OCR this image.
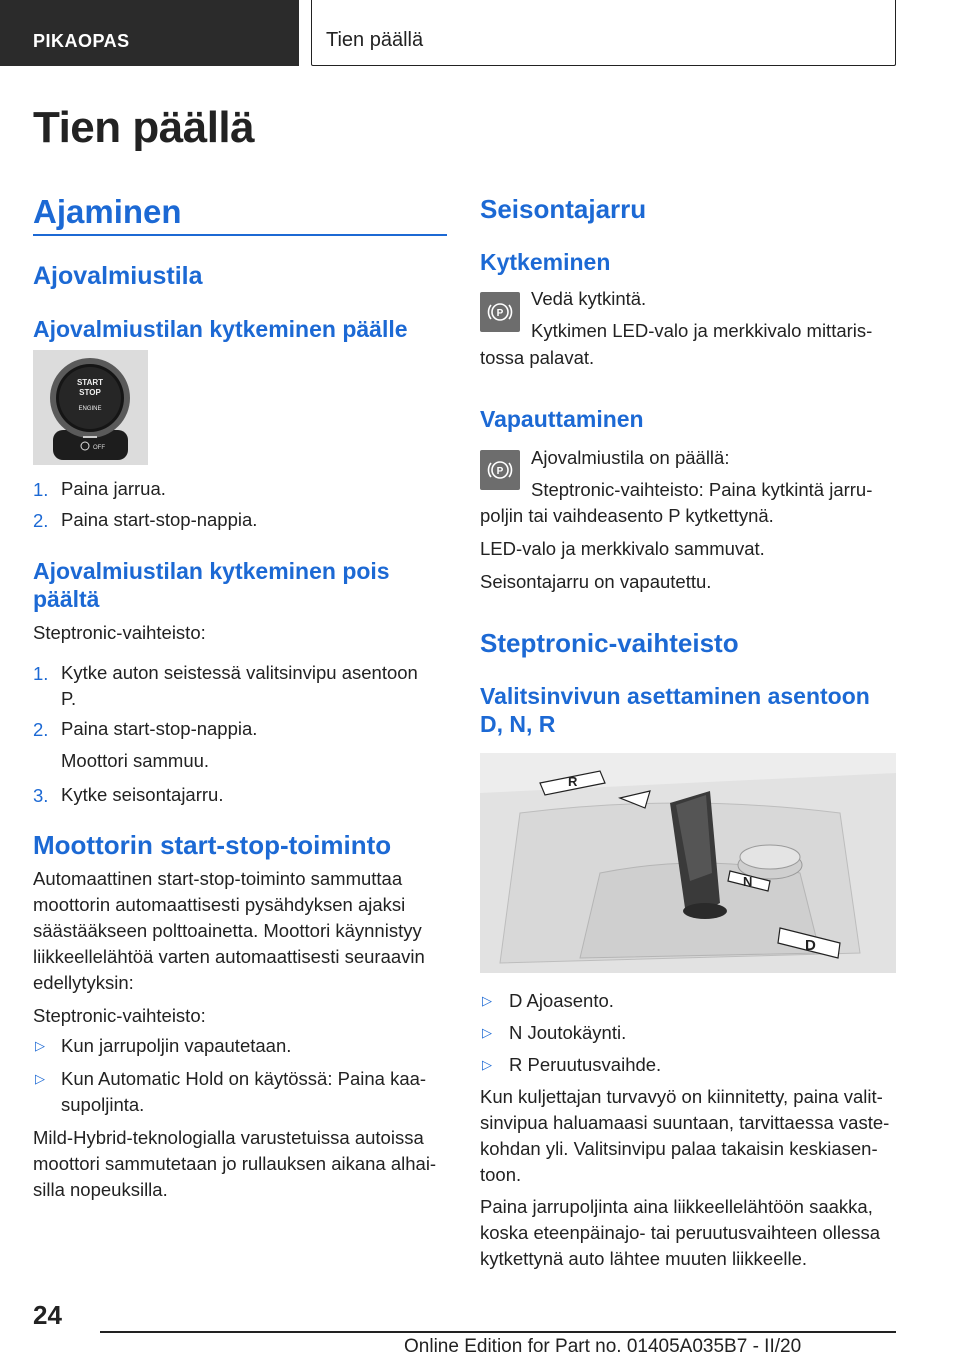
PIKAOPAS	Tien päällä
Tien päällä
Ajaminen
Ajovalmiustila
Ajovalmiustilan kytkeminen päälle
START
STOP
ENGINE
OFF
1. Paina jarrua.
2. Paina start-stop-nappia.
Ajovalmiustilan kytkeminen pois
päältä
Steptronic-vaihteisto:
1. Kytke auton seistessä valitsinvipu asentoon
P.
2. Paina start-stop-nappia.
Moottori sammuu.
3. Kytke seisontajarru.
Moottorin start-stop-toiminto
Automaattinen start-stop-toiminto sammuttaa
moottorin automaattisesti pysähdyksen ajaksi
säästääkseen polttoainetta. Moottori käynnistyy
liikkeellelähtöä varten automaattisesti seuraavin
edellytyksin:
Steptronic-vaihteisto:
▷ Kun jarrupoljin vapautetaan.
▷ Kun Automatic Hold on käytössä: Paina kaa-
supoljinta.
Mild-Hybrid-teknologialla varustetuissa autoissa
moottori sammutetaan jo rullauksen aikana alhai-
silla nopeuksilla.
Seisontajarru
Kytkeminen
P
Vedä kytkintä.
Kytkimen LED-valo ja merkkivalo mittaris-
tossa palavat.
Vapauttaminen
P
Ajovalmiustila on päällä:
Steptronic-vaihteisto: Paina kytkintä jarru-
poljin tai vaihdeasento P kytkettynä.
LED-valo ja merkkivalo sammuvat.
Seisontajarru on vapautettu.
Steptronic-vaihteisto
Valitsinvivun asettaminen asentoon
D, N, R
R
N
D
▷ D Ajoasento.
▷ N Joutokäynti.
▷ R Peruutusvaihde.
Kun kuljettajan turvavyö on kiinnitetty, paina valit-
sinvipua haluamaasi suuntaan, tarvittaessa vaste-
kohdan yli. Valitsinvipu palaa takaisin keskiasen-
toon.
Paina jarrupoljinta aina liikkeellelähtöön saakka,
koska eteenpäinajo- tai peruutusvaihteen ollessa
kytkettynä auto lähtee muuten liikkeelle.
24
Online Edition for Part no. 01405A035B7 - II/20
